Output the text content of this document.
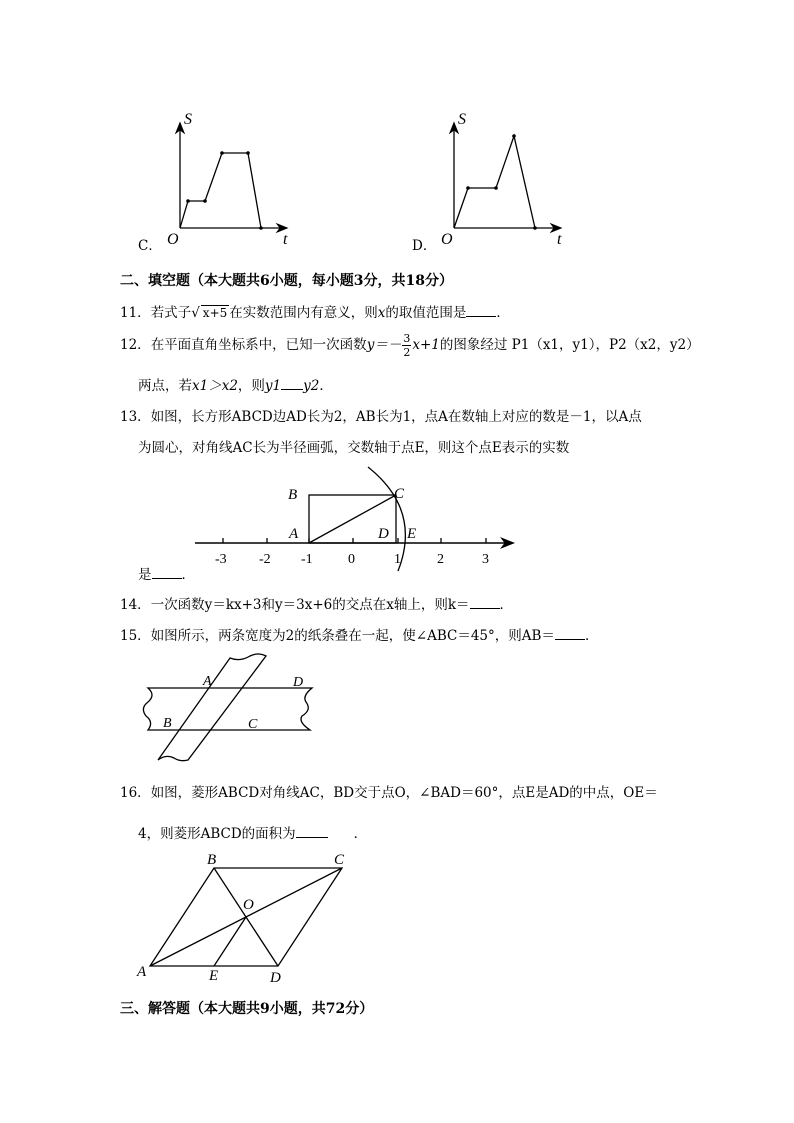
S
t
O
C．
S
t
O
D．
二、填空题（本大题共6小题，每小题3分，共18分）
11．若式子√ x+5 在实数范围内有意义，则x的取值范围是 ．
12．在平面直角坐标系中，已知一次函数$y=- \frac{3}{2} x+1$的图象经过 P1（x1，y1），P2（x2，y2）
两点，若x1＞x2，则y1 y2．
13．如图，长方形ABCD边AD长为2，AB长为1，点A在数轴上对应的数是－1，以A点
为圆心，对角线AC长为半径画弧，交数轴于点E，则这个点E表示的实数
-3 -2 -1	0	1	2	3
B	C
A	D E
是 ．
14．一次函数y＝kx+3和y＝3x+6的交点在x轴上，则k＝ ．
15．如图所示，两条宽度为2的纸条叠在一起，使∠ABC＝45°，则AB＝ ．
A	D
B	C
16．如图，菱形ABCD对角线AC，BD交于点O，∠BAD＝60°，点E是AD的中点，OE＝
4，则菱形ABCD的面积为	．
A
B	C
D
O
E
三、解答题（本大题共9小题，共72分）
